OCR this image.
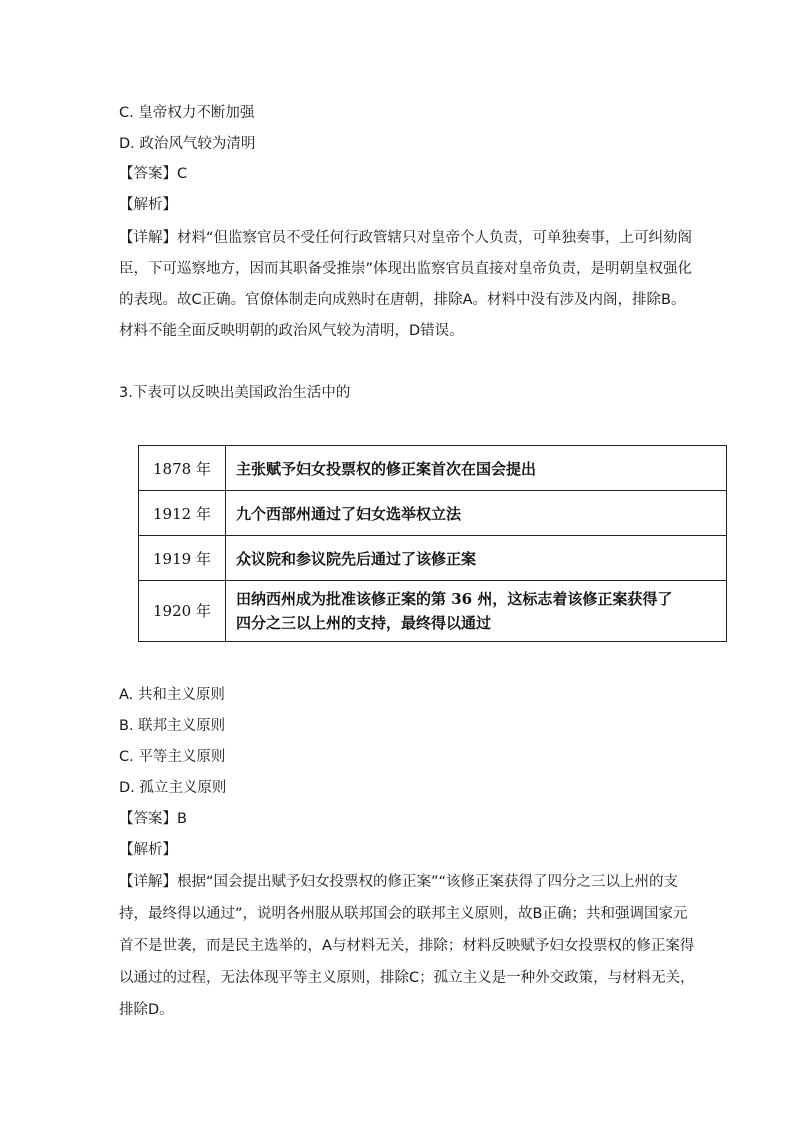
C. 皇帝权力不断加强
D. 政治风气较为清明
【答案】C
【解析】
【详解】材料“但监察官员不受任何行政管辖只对皇帝个人负责，可单独奏事，上可纠劾阁
臣，下可巡察地方，因而其职备受推崇”体现出监察官员直接对皇帝负责，是明朝皇权强化
的表现。故C正确。官僚体制走向成熟时在唐朝，排除A。材料中没有涉及内阁，排除B。
材料不能全面反映明朝的政治风气较为清明，D错误。
3.下表可以反映出美国政治生活中的
1878 年	主张赋予妇女投票权的修正案首次在国会提出
1912 年	九个西部州通过了妇女选举权立法
1919 年	众议院和参议院先后通过了该修正案
1920 年	田纳西州成为批准该修正案的第 36 州，这标志着该修正案获得了
四分之三以上州的支持，最终得以通过
A. 共和主义原则
B. 联邦主义原则
C. 平等主义原则
D. 孤立主义原则
【答案】B
【解析】
【详解】根据“国会提出赋予妇女投票权的修正案”“该修正案获得了四分之三以上州的支
持，最终得以通过”，说明各州服从联邦国会的联邦主义原则，故B正确；共和强调国家元
首不是世袭，而是民主选举的，A与材料无关，排除；材料反映赋予妇女投票权的修正案得
以通过的过程，无法体现平等主义原则，排除C；孤立主义是一种外交政策，与材料无关，
排除D。
